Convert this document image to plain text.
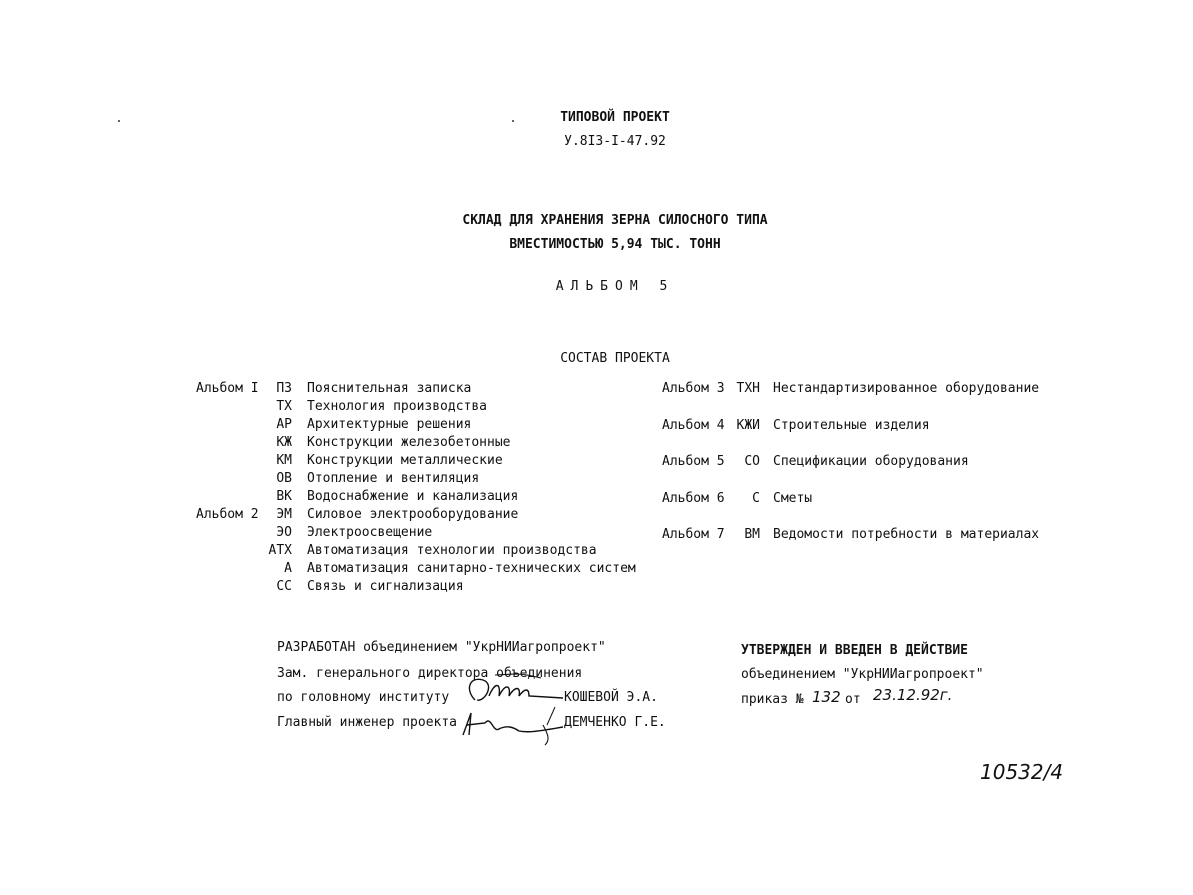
ТИПОВОЙ ПРОЕКТ
У.8I3-I-47.92
СКЛАД ДЛЯ ХРАНЕНИЯ ЗЕРНА СИЛОСНОГО ТИПА
ВМЕСТИМОСТЬЮ 5,94 ТЫС. ТОНН
АЛЬБОМ 5
СОСТАВ ПРОЕКТА
Альбом I	ПЗ Пояснительная записка
ТХ Технология производства
АР Архитектурные решения
КЖ Конструкции железобетонные
КМ Конструкции металлические
ОВ Отопление и вентиляция
ВК Водоснабжение и канализация
Альбом 2	ЭМ Силовое электрооборудование
ЭО Электроосвещение
АТХ Автоматизация технологии производства
А Автоматизация санитарно-технических систем
СС Связь и сигнализация
Альбом 3 ТХН Нестандартизированное оборудование
Альбом 4 КЖИ Строительные изделия
Альбом 5	СО Спецификации оборудования
Альбом 6	С Сметы
Альбом 7	ВМ Ведомости потребности в материалах
РАЗРАБОТАН объединением "УкрНИИагропроект"
Зам. генерального директора объединения
по головному институту	КОШЕВОЙ Э.А.
Главный инженер проекта	ДЕМЧЕНКО Г.Е.
УТВЕРЖДЕН И ВВЕДЕН В ДЕЙСТВИЕ
объединением "УкрНИИагропроект"
приказ № 132 от 23.12.92г.
10532/4
